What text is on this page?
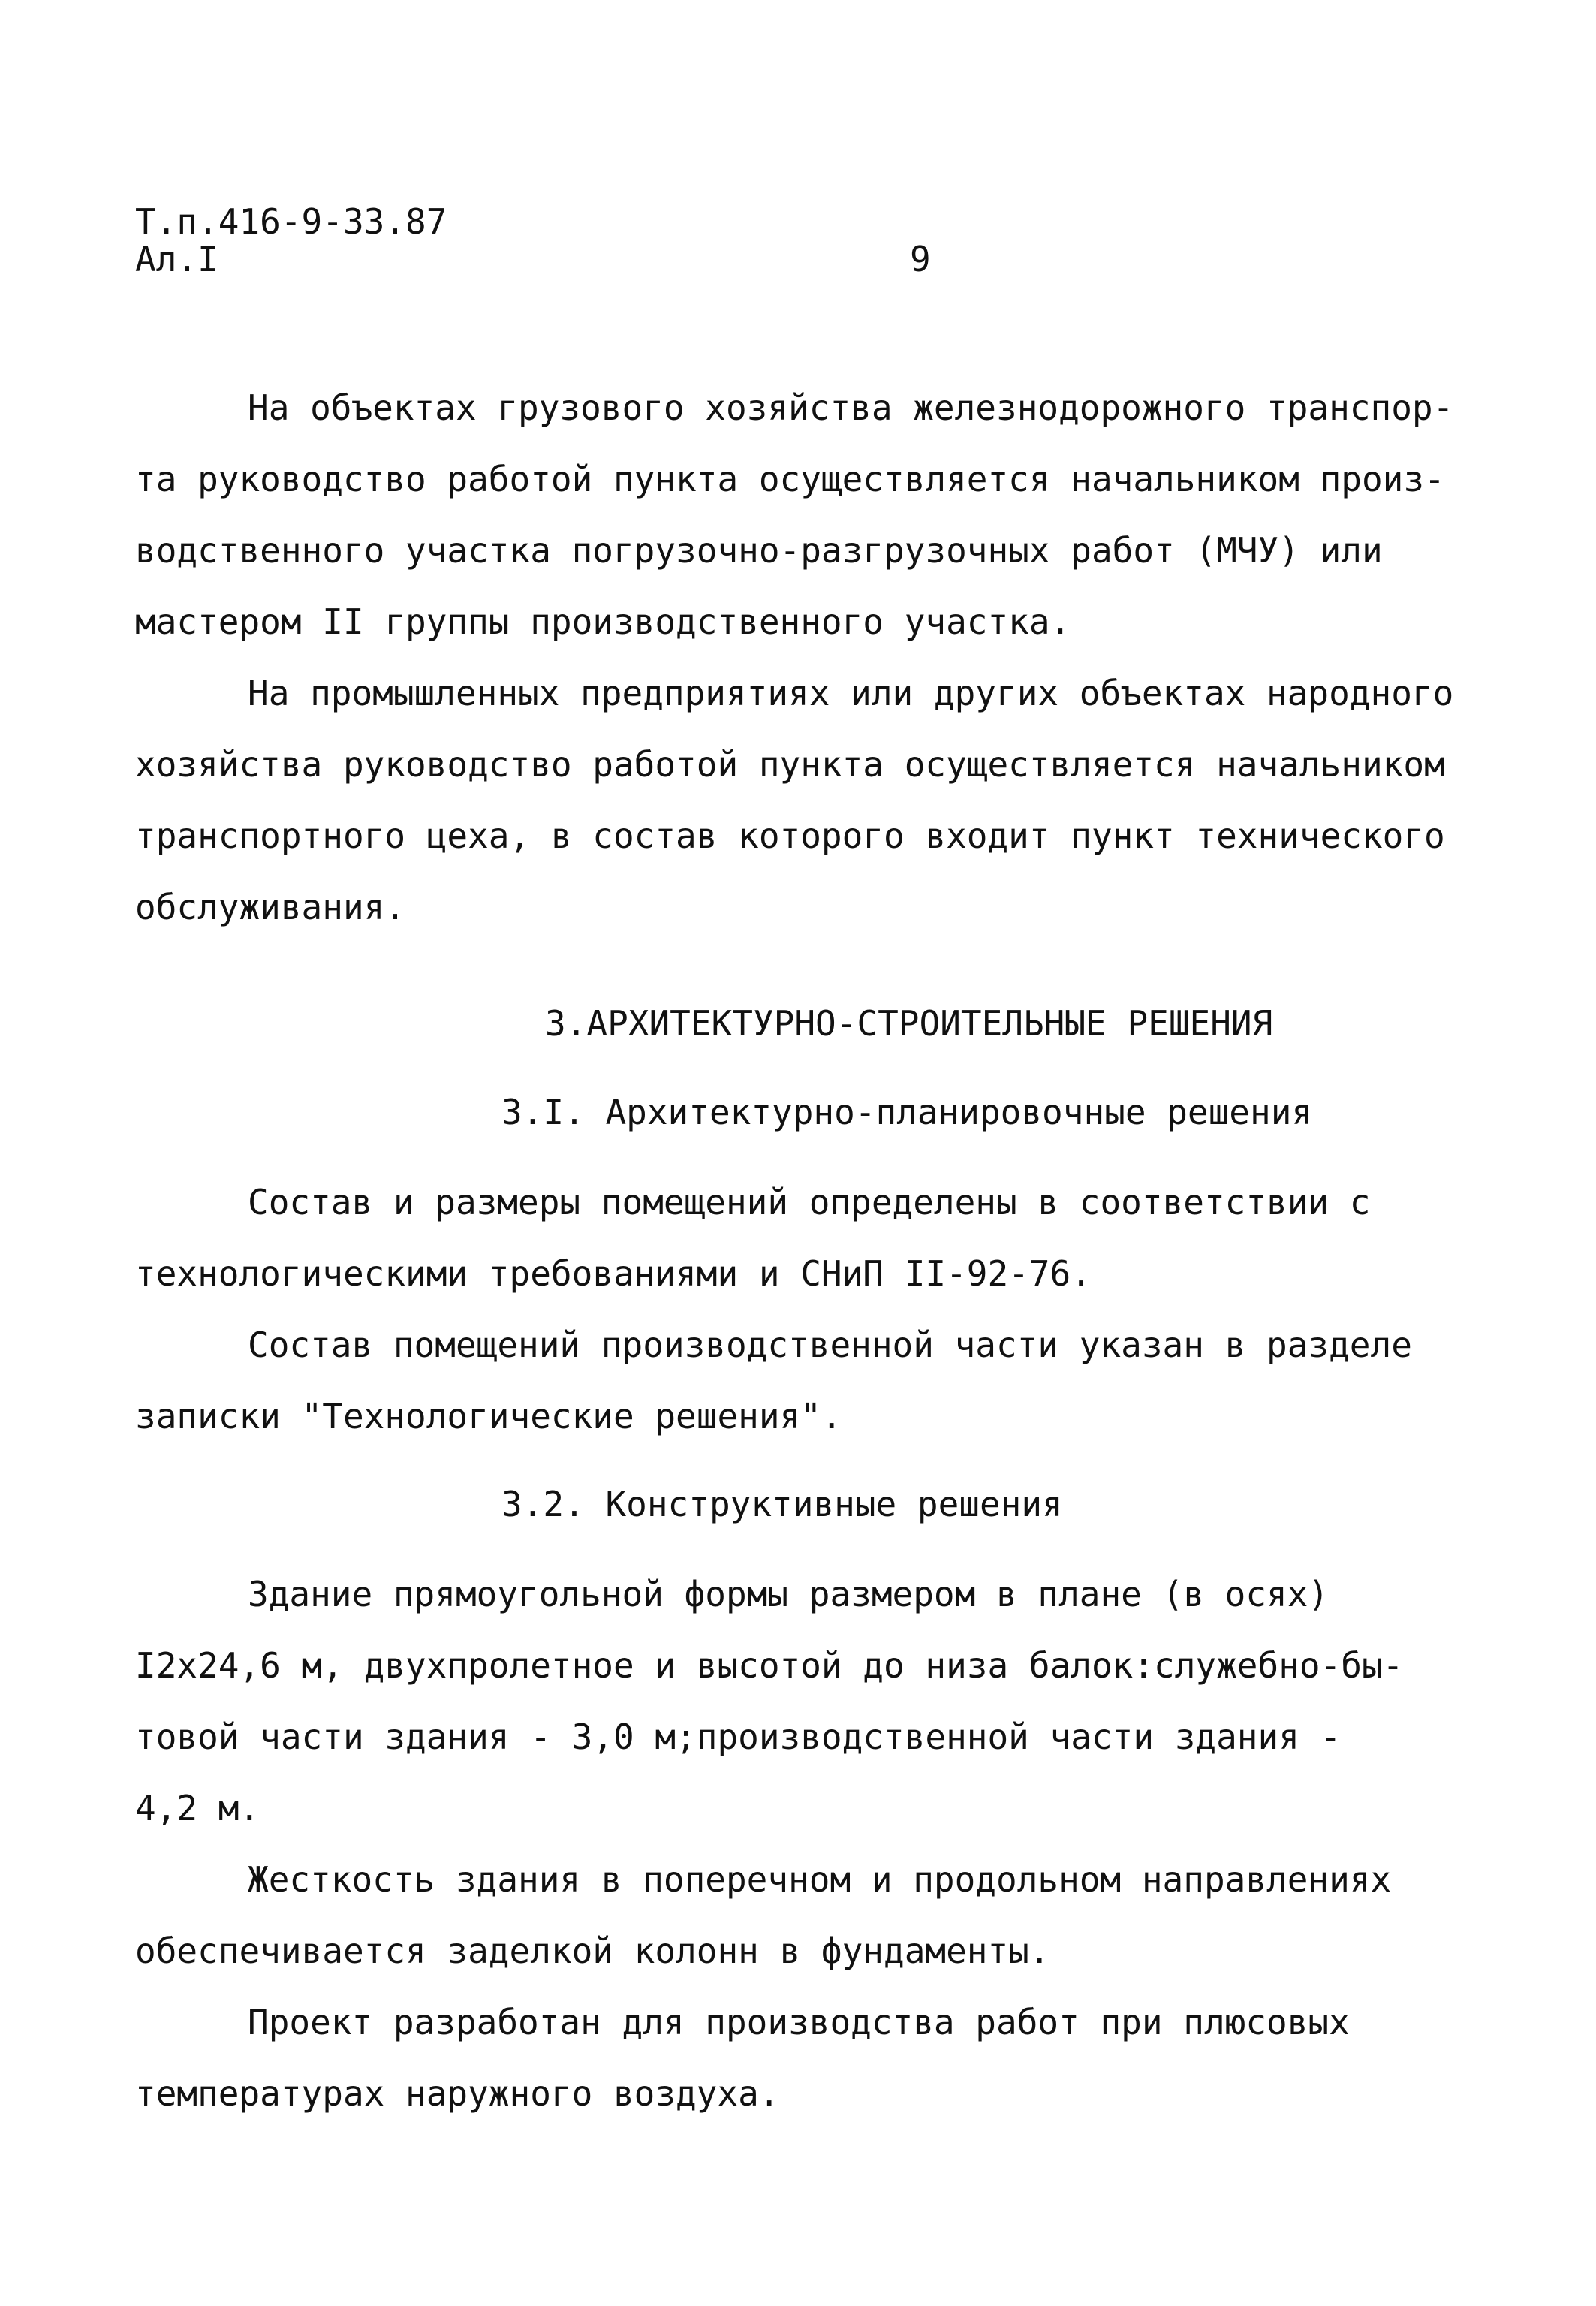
Т.п.416-9-33.87
Ал.I	9
На объектах грузового хозяйства железнодорожного транспор-
та руководство работой пункта осуществляется начальником произ-
водственного участка погрузочно-разгрузочных работ (МЧУ) или
мастером II группы производственного участка.
На промышленных предприятиях или других объектах народного
хозяйства руководство работой пункта осуществляется начальником
транспортного цеха, в состав которого входит пункт технического
обслуживания.
3.АРХИТЕКТУРНО-СТРОИТЕЛЬНЫЕ РЕШЕНИЯ
3.I. Архитектурно-планировочные решения
Состав и размеры помещений определены в соответствии с
технологическими требованиями и СНиП II-92-76.
Состав помещений производственной части указан в разделе
записки "Технологические решения".
3.2. Конструктивные решения
Здание прямоугольной формы размером в плане (в осях)
I2х24,6 м, двухпролетное и высотой до низа балок:служебно-бы-
товой части здания - 3,0 м;производственной части здания -
4,2 м.
Жесткость здания в поперечном и продольном направлениях
обеспечивается заделкой колонн в фундаменты.
Проект разработан для производства работ при плюсовых
температурах наружного воздуха.
